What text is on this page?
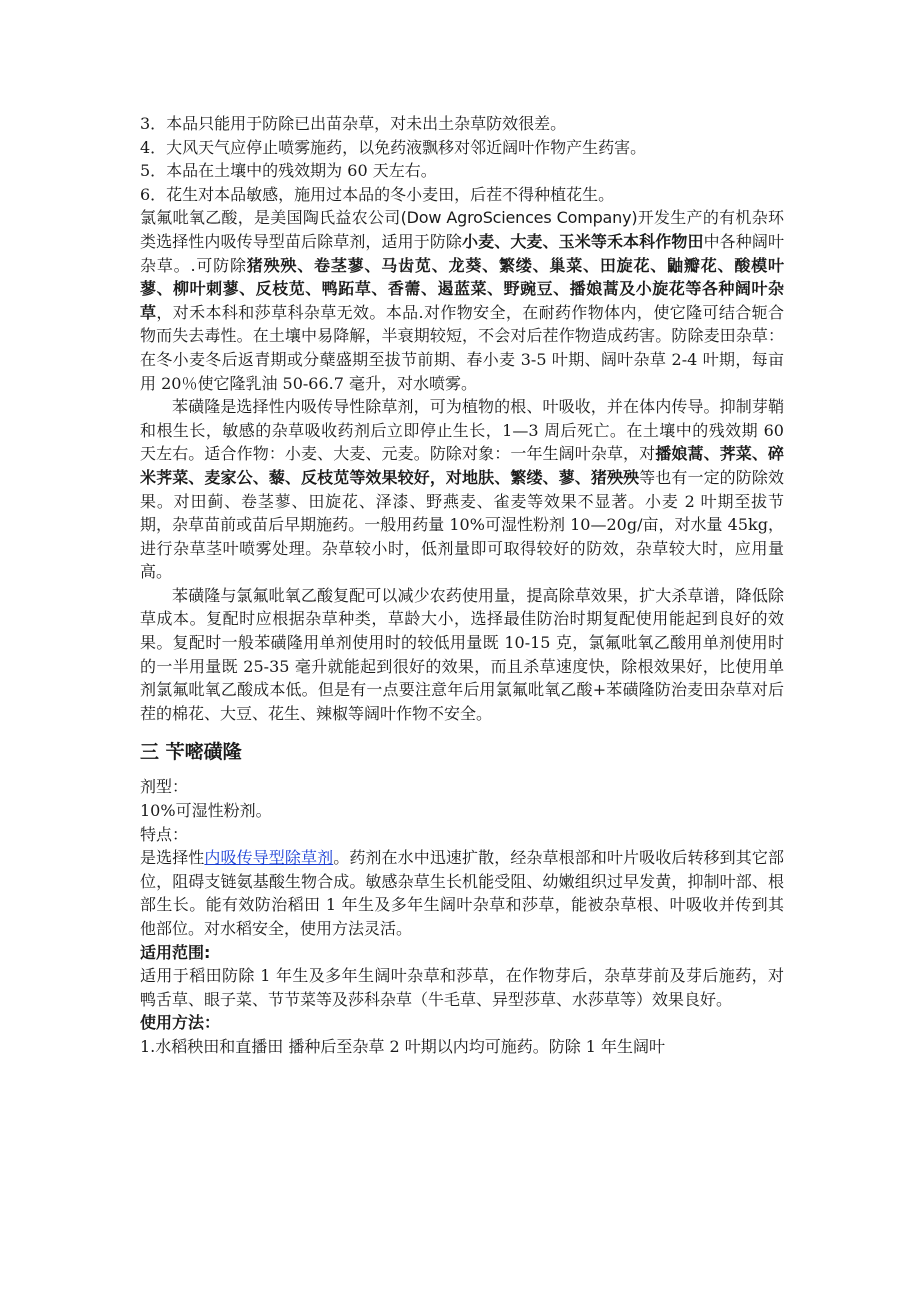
3．本品只能用于防除已出苗杂草，对未出土杂草防效很差。
4．大风天气应停止喷雾施药，以免药液飘移对邻近阔叶作物产生药害。
5．本品在土壤中的残效期为 60 天左右。
6．花生对本品敏感，施用过本品的冬小麦田，后茬不得种植花生。

氯氟吡氧乙酸，是美国陶氏益农公司(Dow AgroSciences Company)开发生产的有机杂环类选择性内吸传导型苗后除草剂，适用于防除小麦、大麦、玉米等禾本科作物田中各种阔叶杂草。.可防除猪殃殃、卷茎蓼、马齿苋、龙葵、繁缕、巢菜、田旋花、鼬瓣花、酸模叶蓼、柳叶刺蓼、反枝苋、鸭跖草、香薷、遏蓝菜、野豌豆、播娘蒿及小旋花等各种阔叶杂草，对禾本科和莎草科杂草无效。本品.对作物安全，在耐药作物体内，使它隆可结合轭合物而失去毒性。在土壤中易降解，半衰期较短，不会对后茬作物造成药害。防除麦田杂草：在冬小麦冬后返青期或分蘖盛期至拔节前期、春小麦 3-5 叶期、阔叶杂草 2-4 叶期，每亩用 20％使它隆乳油 50-66.7 毫升，对水喷雾。

苯磺隆是选择性内吸传导性除草剂，可为植物的根、叶吸收，并在体内传导。抑制芽鞘和根生长，敏感的杂草吸收药剂后立即停止生长，1—3 周后死亡。在土壤中的残效期 60 天左右。适合作物：小麦、大麦、元麦。防除对象：一年生阔叶杂草，对播娘蒿、荠菜、碎米荠菜、麦家公、藜、反枝苋等效果较好，对地肤、繁缕、蓼、猪殃殃等也有一定的防除效果。对田蓟、卷茎蓼、田旋花、泽漆、野燕麦、雀麦等效果不显著。小麦 2 叶期至拔节期，杂草苗前或苗后早期施药。一般用药量 10%可湿性粉剂 10—20g/亩，对水量 45kg，进行杂草茎叶喷雾处理。杂草较小时，低剂量即可取得较好的防效，杂草较大时，应用量高。

苯磺隆与氯氟吡氧乙酸复配可以减少农药使用量，提高除草效果，扩大杀草谱，降低除草成本。复配时应根据杂草种类，草龄大小，选择最佳防治时期复配使用能起到良好的效果。复配时一般苯磺隆用单剂使用时的较低用量既 10-15 克，氯氟吡氧乙酸用单剂使用时的一半用量既 25-35 毫升就能起到很好的效果，而且杀草速度快，除根效果好，比使用单剂氯氟吡氧乙酸成本低。但是有一点要注意年后用氯氟吡氧乙酸+苯磺隆防治麦田杂草对后茬的棉花、大豆、花生、辣椒等阔叶作物不安全。

三 苄嘧磺隆
剂型：
10%可湿性粉剂。
特点：

是选择性内吸传导型除草剂。药剂在水中迅速扩散，经杂草根部和叶片吸收后转移到其它部位，阻碍支链氨基酸生物合成。敏感杂草生长机能受阻、幼嫩组织过早发黄，抑制叶部、根部生长。能有效防治稻田 1 年生及多年生阔叶杂草和莎草，能被杂草根、叶吸收并传到其他部位。对水稻安全，使用方法灵活。

适用范围:

适用于稻田防除 1 年生及多年生阔叶杂草和莎草，在作物芽后，杂草芽前及芽后施药，对鸭舌草、眼子菜、节节菜等及莎科杂草（牛毛草、异型莎草、水莎草等）效果良好。

使用方法：

1.水稻秧田和直播田 播种后至杂草 2 叶期以内均可施药。防除 1 年生阔叶
